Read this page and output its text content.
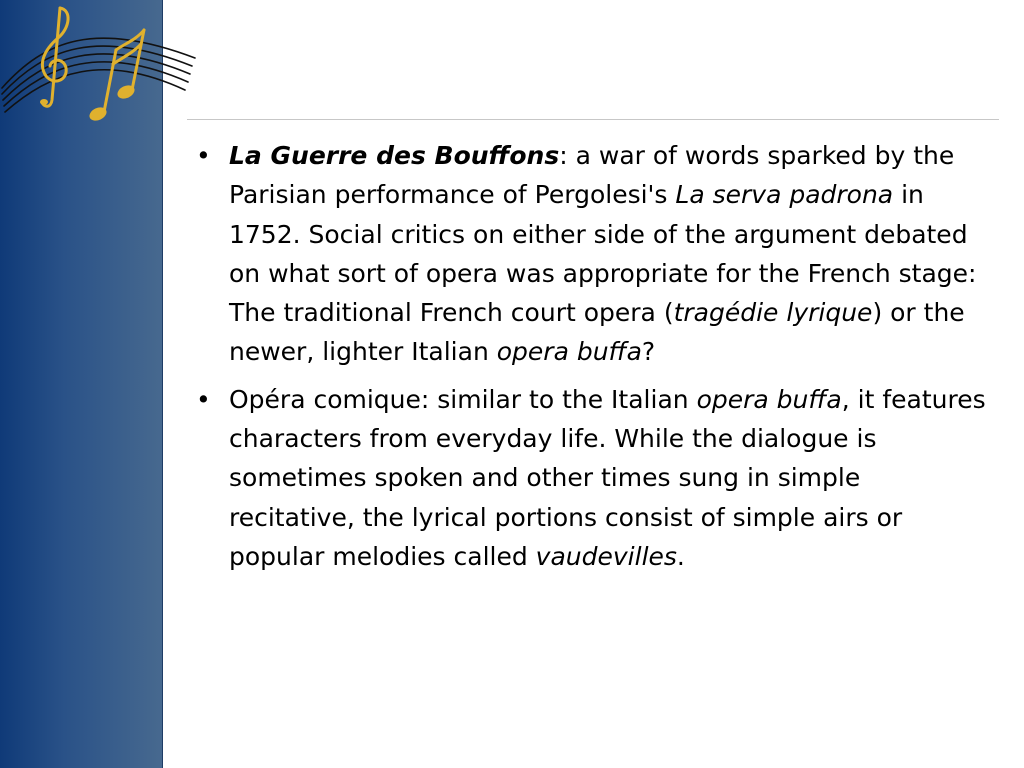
• La Guerre des Bouffons: a war of words sparked by the Parisian performance of Pergolesi's La serva padrona in 1752. Social critics on either side of the argument debated on what sort of opera was appropriate for the French stage: The traditional French court opera (tragédie lyrique) or the newer, lighter Italian opera buffa?
• Opéra comique: similar to the Italian opera buffa, it features characters from everyday life. While the dialogue is sometimes spoken and other times sung in simple recitative, the lyrical portions consist of simple airs or popular melodies called vaudevilles.
